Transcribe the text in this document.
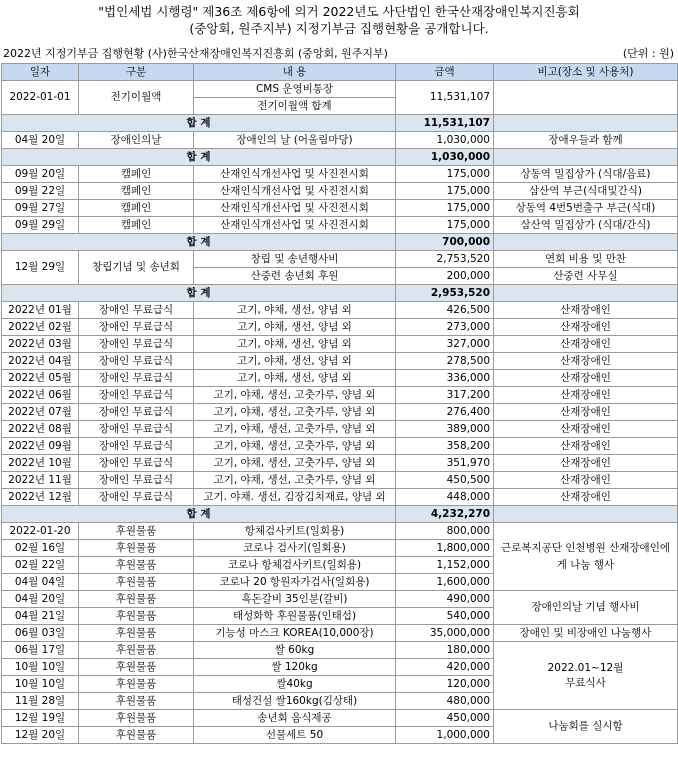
"법인세법 시행령" 제36조 제6항에 의거 2022년도 사단법인 한국산재장애인복지진흥회
(중앙회, 원주지부) 지정기부금 집행현황을 공개합니다.
2022년 지정기부금 집행현황 (사)한국산재장애인복지진흥회 (중앙회, 원주지부)	(단위 : 원)
일자	구분	내 용	금액	비고(장소 및 사용처)
2022-01-01	전기이월액	CMS 운영비통장	11,531,107	
		전기이월액 합계		
합 계			11,531,107	
04월 20일	장애인의날	장애인의 날 (어울림마당)	1,030,000	장애우들과 함께
합 계			1,030,000	
09월 20일	캠페인	산재인식개선사업 및 사진전시회	175,000	상동역 밀집상가 (식대/음료)
09월 22일	캠페인	산재인식개선사업 및 사진전시회	175,000	삼산역 부근(식대및간식)
09월 27일	캠페인	산재인식개선사업 및 사진전시회	175,000	상동역 4번5번출구 부근(식대)
09월 29일	캠페인	산재인식개선사업 및 사진전시회	175,000	삼산역 밀집상가 (식대/간식)
합 계			700,000	
12월 29일	창립기념 및 송년회	창립 및 송년행사비	2,753,520	연회 비용 및 만찬
		산중련 송년회 후원	200,000	산중련 사무실
합 계			2,953,520	
2022년 01월	장애인 무료급식	고기, 야채, 생선, 양념 외	426,500	산재장애인
2022년 02월	장애인 무료급식	고기, 야채, 생선, 양념 외	273,000	산재장애인
2022년 03월	장애인 무료급식	고기, 야채, 생선, 양념 외	327,000	산재장애인
2022년 04월	장애인 무료급식	고기, 야채, 생선, 양념 외	278,500	산재장애인
2022년 05월	장애인 무료급식	고기, 야채, 생선, 양념 외	336,000	산재장애인
2022년 06월	장애인 무료급식	고기, 야채, 생선, 고춧가루, 양념 외	317,200	산재장애인
2022년 07월	장애인 무료급식	고기, 야채, 생선, 고춧가루, 양념 외	276,400	산재장애인
2022년 08월	장애인 무료급식	고기, 야채, 생선, 고춧가루, 양념 외	389,000	산재장애인
2022년 09월	장애인 무료급식	고기, 야채, 생선, 고춧가루, 양념 외	358,200	산재장애인
2022년 10월	장애인 무료급식	고기, 야채, 생선, 고춧가루, 양념 외	351,970	산재장애인
2022년 11월	장애인 무료급식	고기, 야채, 생선, 고춧가루, 양념 외	450,500	산재장애인
2022년 12월	장애인 무료급식	고기. 야채. 생선, 김장김치재료, 양념 외	448,000	산재장애인
합 계			4,232,270	
2022-01-20	후원물품	항체검사키트(일회용)	800,000	근로복지공단 인천병원 산재장애인에게 나눔 행사
02월 16일	후원물품	코로나 검사기(일회용)	1,800,000	
02월 22일	후원물품	코로나 항체검사키트(일회용)	1,152,000	
04월 04일	후원물품	코로나 20 항원자가검사(일회용)	1,600,000	
04월 20일	후원물품	흑돈갈비 35인분(갈비)	490,000	장애인의날 기념 행사비
04월 21일	후원물품	태성화학 후원물품(인태섭)	540,000	
06월 03일	후원물품	기능성 마스크 KOREA(10,000장)	35,000,000	장애인 및 비장애인 나눔행사
06월 17일	후원물품	쌀 60kg	180,000	2022.01~12월
무료식사

10월 10일	후원물품	쌀 120kg	420,000	
10월 10일	후원물품	쌀40kg	120,000	
11월 28일	후원물품	태성건설 쌀160kg(김상태)	480,000	
12월 19일	후원물품	송년회 음식제공	450,000	나눔회를 실시함
12월 20일	후원물품	선물세트 50	1,000,000	
